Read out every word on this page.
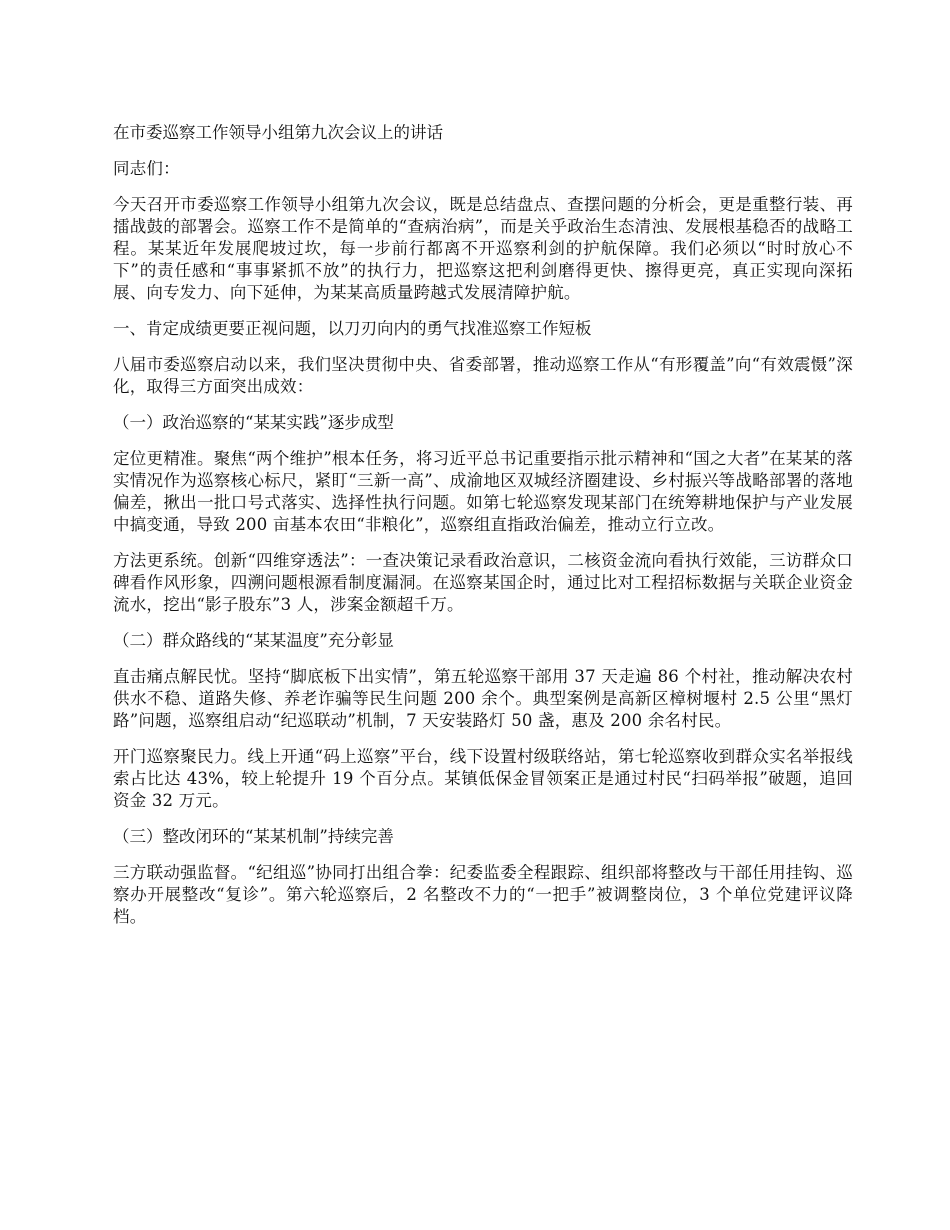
在市委巡察工作领导小组第九次会议上的讲话

同志们：

今天召开市委巡察工作领导小组第九次会议，既是总结盘点、查摆问题的分析会，更是重整行装、再擂战鼓的部署会。巡察工作不是简单的“查病治病”，而是关乎政治生态清浊、发展根基稳否的战略工程。某某近年发展爬坡过坎，每一步前行都离不开巡察利剑的护航保障。我们必须以“时时放心不下”的责任感和“事事紧抓不放”的执行力，把巡察这把利剑磨得更快、擦得更亮，真正实现向深拓展、向专发力、向下延伸，为某某高质量跨越式发展清障护航。

一、肯定成绩更要正视问题，以刀刃向内的勇气找准巡察工作短板

八届市委巡察启动以来，我们坚决贯彻中央、省委部署，推动巡察工作从“有形覆盖”向“有效震慑”深化，取得三方面突出成效：

（一）政治巡察的“某某实践”逐步成型

定位更精准。聚焦“两个维护”根本任务，将习近平总书记重要指示批示精神和“国之大者”在某某的落实情况作为巡察核心标尺，紧盯“三新一高”、成渝地区双城经济圈建设、乡村振兴等战略部署的落地偏差，揪出一批口号式落实、选择性执行问题。如第七轮巡察发现某部门在统筹耕地保护与产业发展中搞变通，导致 200 亩基本农田“非粮化”，巡察组直指政治偏差，推动立行立改。

方法更系统。创新“四维穿透法”：一查决策记录看政治意识，二核资金流向看执行效能，三访群众口碑看作风形象，四溯问题根源看制度漏洞。在巡察某国企时，通过比对工程招标数据与关联企业资金流水，挖出“影子股东”3 人，涉案金额超千万。

（二）群众路线的“某某温度”充分彰显

直击痛点解民忧。坚持“脚底板下出实情”，第五轮巡察干部用 37 天走遍 86 个村社，推动解决农村供水不稳、道路失修、养老诈骗等民生问题 200 余个。典型案例是高新区樟树堰村 2.5 公里“黑灯路”问题，巡察组启动“纪巡联动”机制，7 天安装路灯 50 盏，惠及 200 余名村民。

开门巡察聚民力。线上开通“码上巡察”平台，线下设置村级联络站，第七轮巡察收到群众实名举报线索占比达 43%，较上轮提升 19 个百分点。某镇低保金冒领案正是通过村民“扫码举报”破题，追回资金 32 万元。

（三）整改闭环的“某某机制”持续完善

三方联动强监督。“纪组巡”协同打出组合拳：纪委监委全程跟踪、组织部将整改与干部任用挂钩、巡察办开展整改“复诊”。第六轮巡察后，2 名整改不力的“一把手”被调整岗位，3 个单位党建评议降档。
